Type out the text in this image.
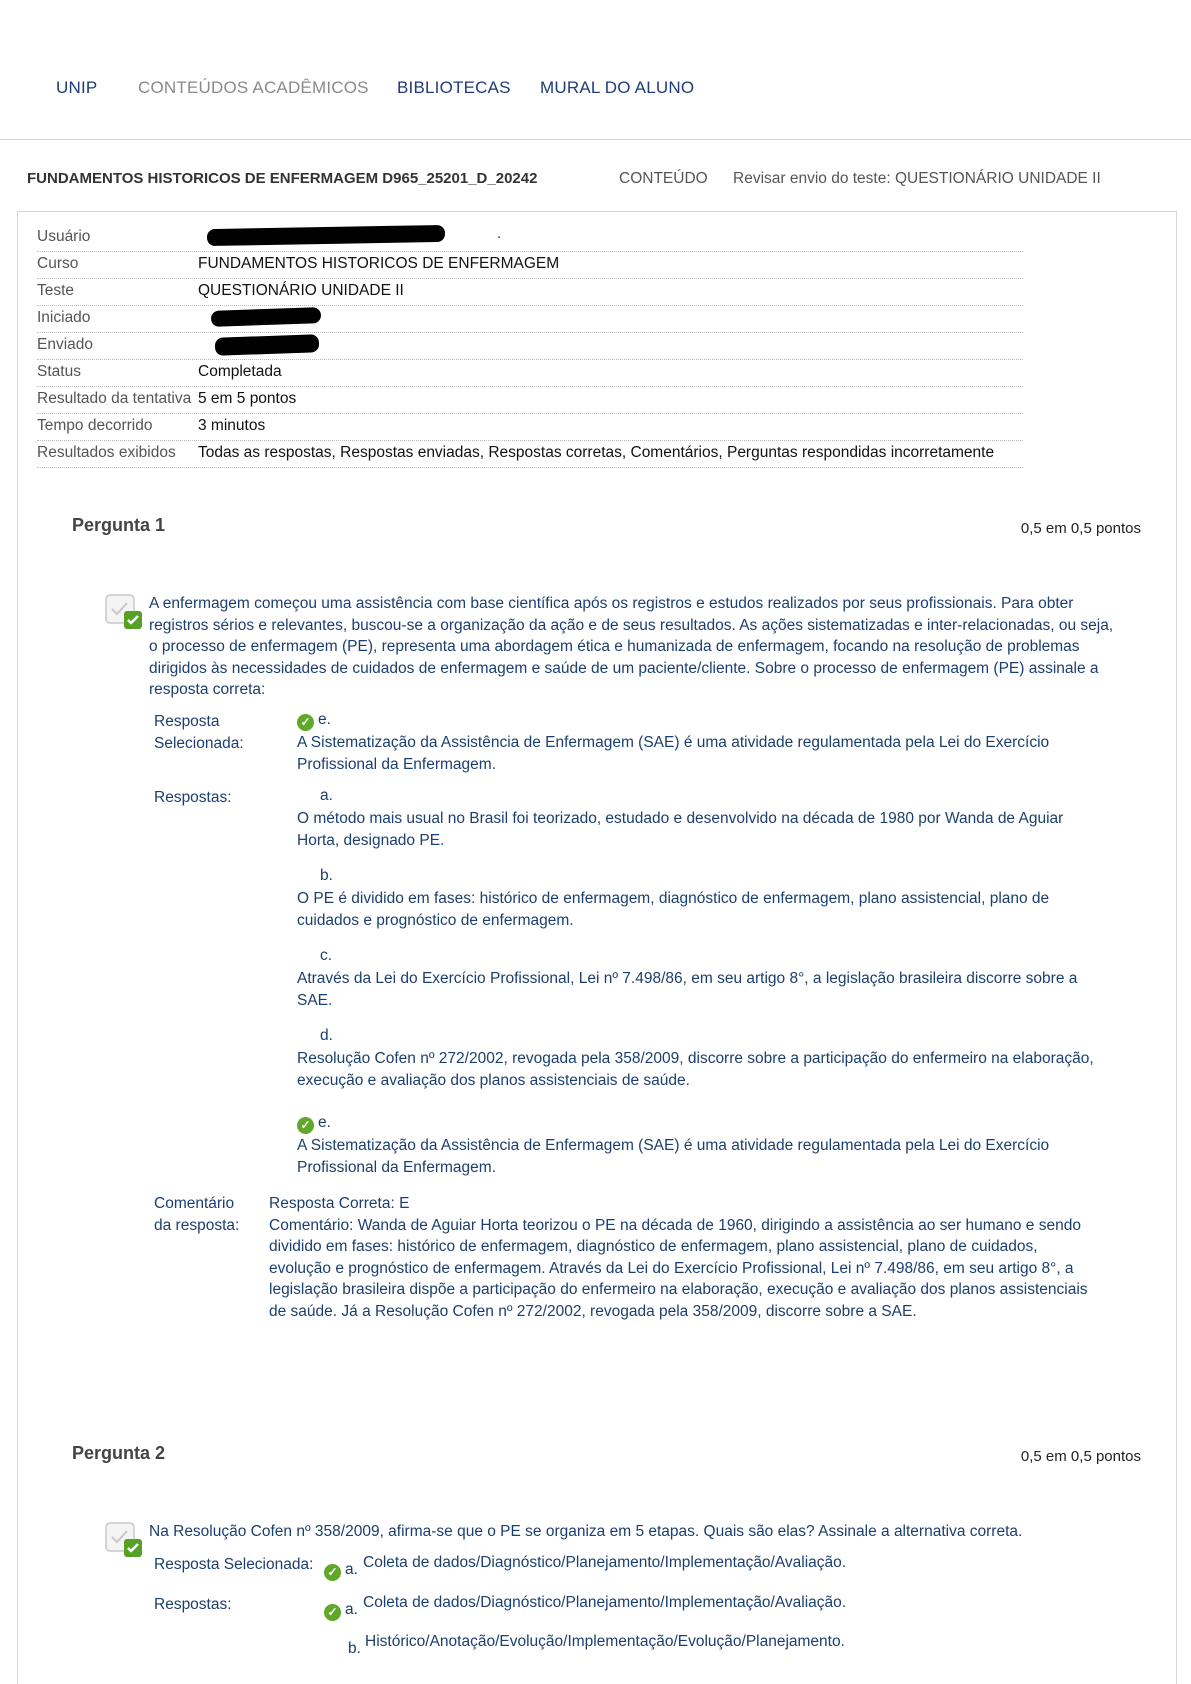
UNIP CONTEÚDOS ACADÊMICOS BIBLIOTECAS MURAL DO ALUNO
FUNDAMENTOS HISTORICOS DE ENFERMAGEM D965_25201_D_20242	CONTEÚDO Revisar envio do teste: QUESTIONÁRIO UNIDADE II
Usuário	.
Curso	FUNDAMENTOS HISTORICOS DE ENFERMAGEM
Teste	QUESTIONÁRIO UNIDADE II
Iniciado
Enviado
Status	Completada
Resultado da tentativa 5 em 5 pontos
Tempo decorrido	3 minutos
Resultados exibidos Todas as respostas, Respostas enviadas, Respostas corretas, Comentários, Perguntas respondidas incorretamente
Pergunta 1	0,5 em 0,5 pontos
A enfermagem começou uma assistência com base científica após os registros e estudos realizados por seus profissionais. Para obter registros sérios e relevantes, buscou-se a organização da ação e de seus resultados. As ações sistematizadas e inter-relacionadas, ou seja, o processo de enfermagem (PE), representa uma abordagem ética e humanizada de enfermagem, focando na resolução de problemas dirigidos às necessidades de cuidados de enfermagem e saúde de um paciente/cliente. Sobre o processo de enfermagem (PE) assinale a resposta correta:
Resposta
Selecionada:
✓ e.
A Sistematização da Assistência de Enfermagem (SAE) é uma atividade regulamentada pela Lei do Exercício Profissional da Enfermagem.
Respostas:	a.
O método mais usual no Brasil foi teorizado, estudado e desenvolvido na década de 1980 por Wanda de Aguiar Horta, designado PE.
b.
O PE é dividido em fases: histórico de enfermagem, diagnóstico de enfermagem, plano assistencial, plano de cuidados e prognóstico de enfermagem.
c.
Através da Lei do Exercício Profissional, Lei nº 7.498/86, em seu artigo 8°, a legislação brasileira discorre sobre a SAE.
d.
Resolução Cofen nº 272/2002, revogada pela 358/2009, discorre sobre a participação do enfermeiro na elaboração, execução e avaliação dos planos assistenciais de saúde.
✓ e.
A Sistematização da Assistência de Enfermagem (SAE) é uma atividade regulamentada pela Lei do Exercício Profissional da Enfermagem.
Comentário
da resposta:
Resposta Correta: E
Comentário: Wanda de Aguiar Horta teorizou o PE na década de 1960, dirigindo a assistência ao ser humano e sendo dividido em fases: histórico de enfermagem, diagnóstico de enfermagem, plano assistencial, plano de cuidados, evolução e prognóstico de enfermagem. Através da Lei do Exercício Profissional, Lei nº 7.498/86, em seu artigo 8°, a legislação brasileira dispõe a participação do enfermeiro na elaboração, execução e avaliação dos planos assistenciais de saúde. Já a Resolução Cofen nº 272/2002, revogada pela 358/2009, discorre sobre a SAE.
Pergunta 2	0,5 em 0,5 pontos
Na Resolução Cofen nº 358/2009, afirma-se que o PE se organiza em 5 etapas. Quais são elas? Assinale a alternativa correta.
Resposta Selecionada: ✓ a. Coleta de dados/Diagnóstico/Planejamento/Implementação/Avaliação.
Respostas:	✓ a. Coleta de dados/Diagnóstico/Planejamento/Implementação/Avaliação.
b. Histórico/Anotação/Evolução/Implementação/Evolução/Planejamento.
